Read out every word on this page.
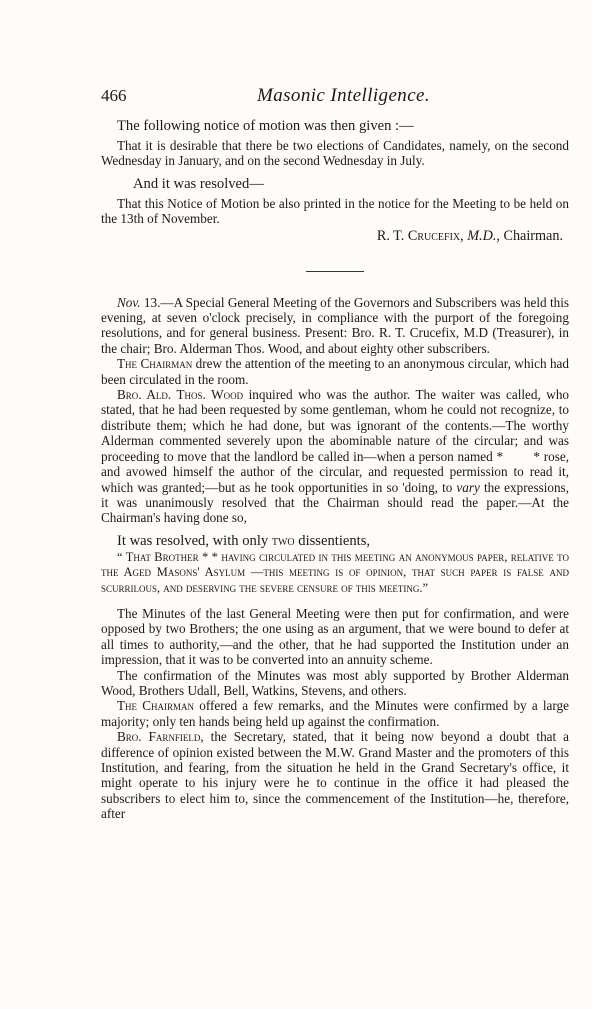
466	Masonic Intelligence.

The following notice of motion was then given :—

That it is desirable that there be two elections of Candidates, namely, on the second Wednesday in January, and on the second Wednesday in July.

And it was resolved—

That this Notice of Motion be also printed in the notice for the Meeting to be held on the 13th of November.

R. T. Crucefix, M.D., Chairman.

Nov. 13.—A Special General Meeting of the Governors and Subscribers was held this evening, at seven o'clock precisely, in compliance with the purport of the foregoing resolutions, and for general business. Present: Bro. R. T. Crucefix, M.D (Treasurer), in the chair; Bro. Alderman Thos. Wood, and about eighty other subscribers.

The Chairman drew the attention of the meeting to an anonymous circular, which had been circulated in the room.

Bro. Ald. Thos. Wood inquired who was the author. The waiter was called, who stated, that he had been requested by some gentleman, whom he could not recognize, to distribute them; which he had done, but was ignorant of the contents.—The worthy Alderman commented severely upon the abominable nature of the circular; and was proceeding to move that the landlord be called in—when a person named *        * rose, and avowed himself the author of the circular, and requested permission to read it, which was granted;—but as he took opportunities in so 'doing, to vary the expressions, it was unanimously resolved that the Chairman should read the paper.—At the Chairman's having done so,

It was resolved, with only two dissentients,

“ That Brother * * having circulated in this meeting an anonymous paper, relative to the Aged Masons' Asylum —this meeting is of opinion, that such paper is false and scurrilous, and deserving the severe censure of this meeting.”

The Minutes of the last General Meeting were then put for confirmation, and were opposed by two Brothers; the one using as an argument, that we were bound to defer at all times to authority,—and the other, that he had supported the Institution under an impression, that it was to be converted into an annuity scheme.

The confirmation of the Minutes was most ably supported by Brother Alderman Wood, Brothers Udall, Bell, Watkins, Stevens, and others.

The Chairman offered a few remarks, and the Minutes were confirmed by a large majority; only ten hands being held up against the confirmation.

Bro. Farnfield, the Secretary, stated, that it being now beyond a doubt that a difference of opinion existed between the M.W. Grand Master and the promoters of this Institution, and fearing, from the situation he held in the Grand Secretary's office, it might operate to his injury were he to continue in the office it had pleased the subscribers to elect him to, since the commencement of the Institution—he, therefore, after
